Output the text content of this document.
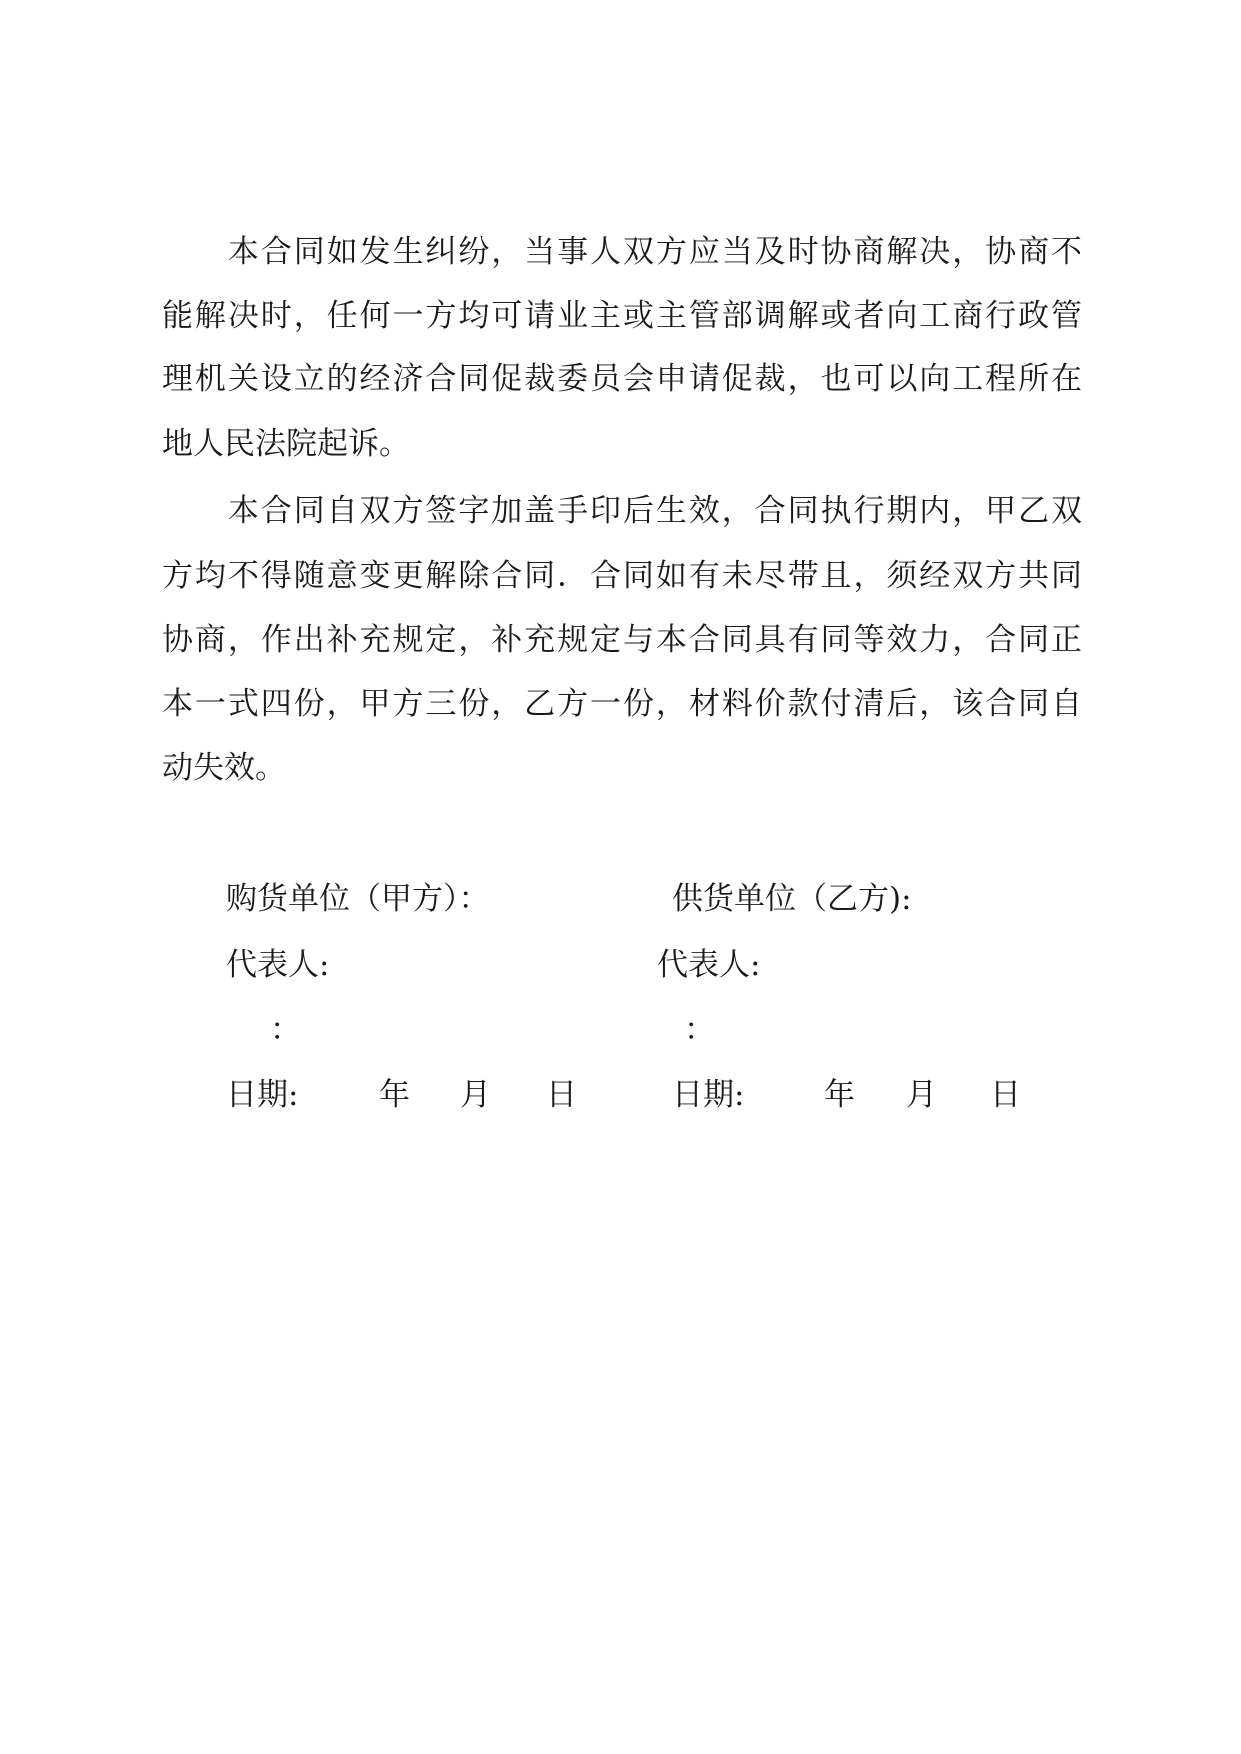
　　本合同如发生纠纷，当事人双方应当及时协商解决，协商不
能解决时，任何一方均可请业主或主管部调解或者向工商行政管
理机关设立的经济合同促裁委员会申请促裁，也可以向工程所在
地人民法院起诉。
　　本合同自双方签字加盖手印后生效，合同执行期内，甲乙双
方均不得随意变更解除合同．合同如有未尽带且，须经双方共同
协商，作出补充规定，补充规定与本合同具有同等效力，合同正
本一式四份，甲方三份，乙方一份，材料价款付清后，该合同自
动失效。
购货单位（甲方）：
代表人:
：
日期:	年 月 日
供货单位（乙方):
代表人:
：
日期:	年 月 日
